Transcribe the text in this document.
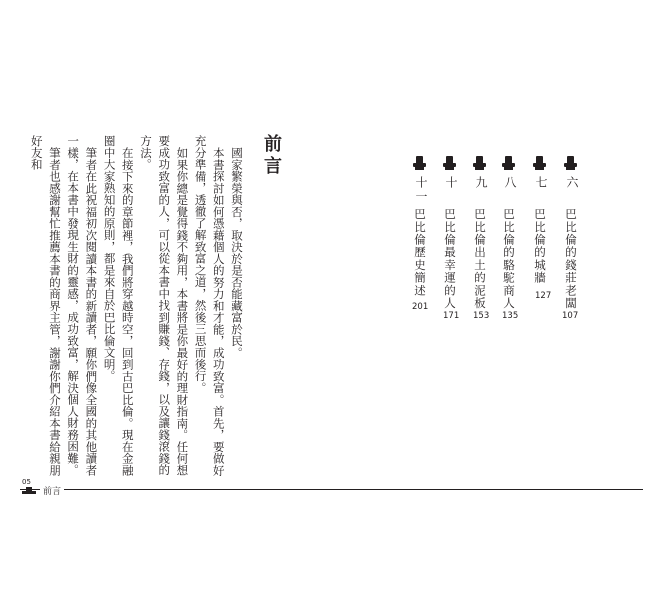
六
巴比倫的錢莊老闆
七
巴比倫的城牆
八
巴比倫的駱駝商人
九
巴比倫出土的泥板
十
巴比倫最幸運的人
十一
巴比倫歷史簡述
107
127
135
153
171
201
前言

國家繁榮與否，取決於是否能藏富於民。

本書探討如何憑藉個人的努力和才能，成功致富。首先，要做好充分準備，透徹了解致富之道，然後三思而後行。

如果你總是覺得錢不夠用，本書將是你最好的理財指南。任何想要成功致富的人，可以從本書中找到賺錢、存錢，以及讓錢滾錢的方法。

在接下來的章節裡，我們將穿越時空，回到古巴比倫。現在金融圈中大家熟知的原則，都是來自於巴比倫文明。

筆者在此祝福初次閱讀本書的新讀者，願你們像全國的其他讀者一樣，在本書中發現生財的靈感，成功致富，解決個人財務困難。

筆者也感謝幫忙推薦本書的商界主管，謝謝你們介紹本書給親朋好友和

05
前言
